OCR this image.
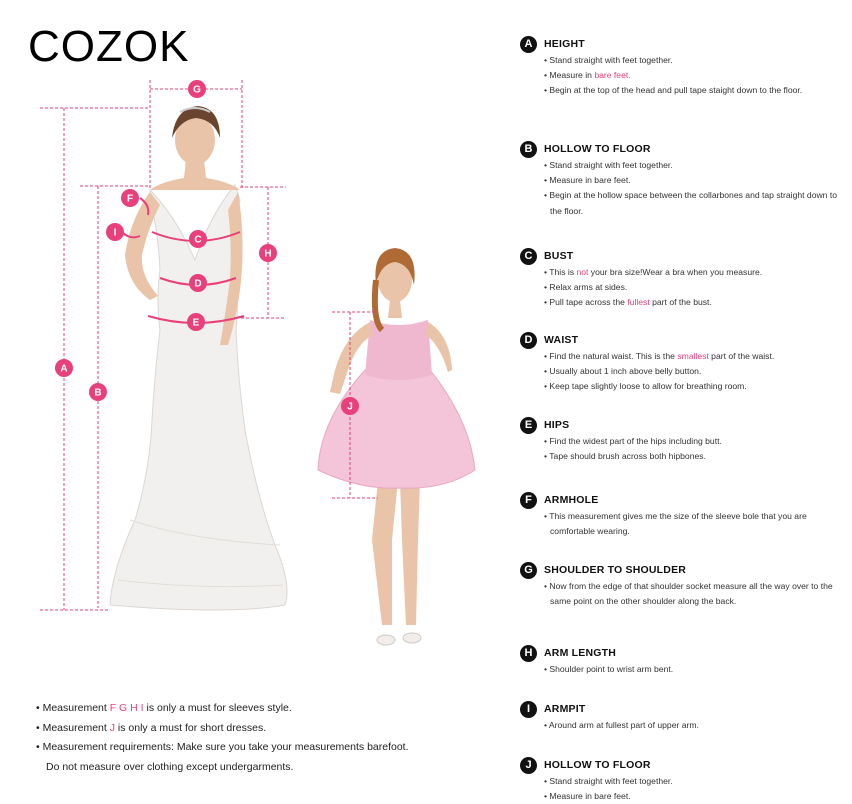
COZOK
A
B
C
D
E
F
G
H
I
J
• Measurement F G H I is only a must for sleeves style.
• Measurement J is only a must for short dresses.
• Measurement requirements: Make sure you take your measurements barefoot.
Do not measure over clothing except undergarments.
A	HEIGHT
• Stand straight with feet together.
• Measure in bare feet.
• Begin at the top of the head and pull tape staight down to the floor.
B	HOLLOW TO FLOOR
• Stand straight with feet together.
• Measure in bare feet.
• Begin at the hollow space between the collarbones and tap straight down to the floor.
C	BUST
• This is not your bra size!Wear a bra when you measure.
• Relax arms at sides.
• Pull tape across the fullest part of the bust.
D	WAIST
• Find the natural waist. This is the smallest part of the waist.
• Usually about 1 inch above belly button.
• Keep tape slightly loose to allow for breathing room.
E	HIPS
• Find the widest part of the hips including butt.
• Tape should brush across both hipbones.
F	ARMHOLE
• This measurement gives me the size of the sleeve bole that you are comfortable wearing.
G	SHOULDER TO SHOULDER
• Now from the edge of that shoulder socket measure all the way over to the same point on the other shoulder along the back.
H	ARM LENGTH
• Shoulder point to wrist arm bent.
I	ARMPIT
• Around arm at fullest part of upper arm.
J	HOLLOW TO FLOOR
• Stand straight with feet together.
• Measure in bare feet.
